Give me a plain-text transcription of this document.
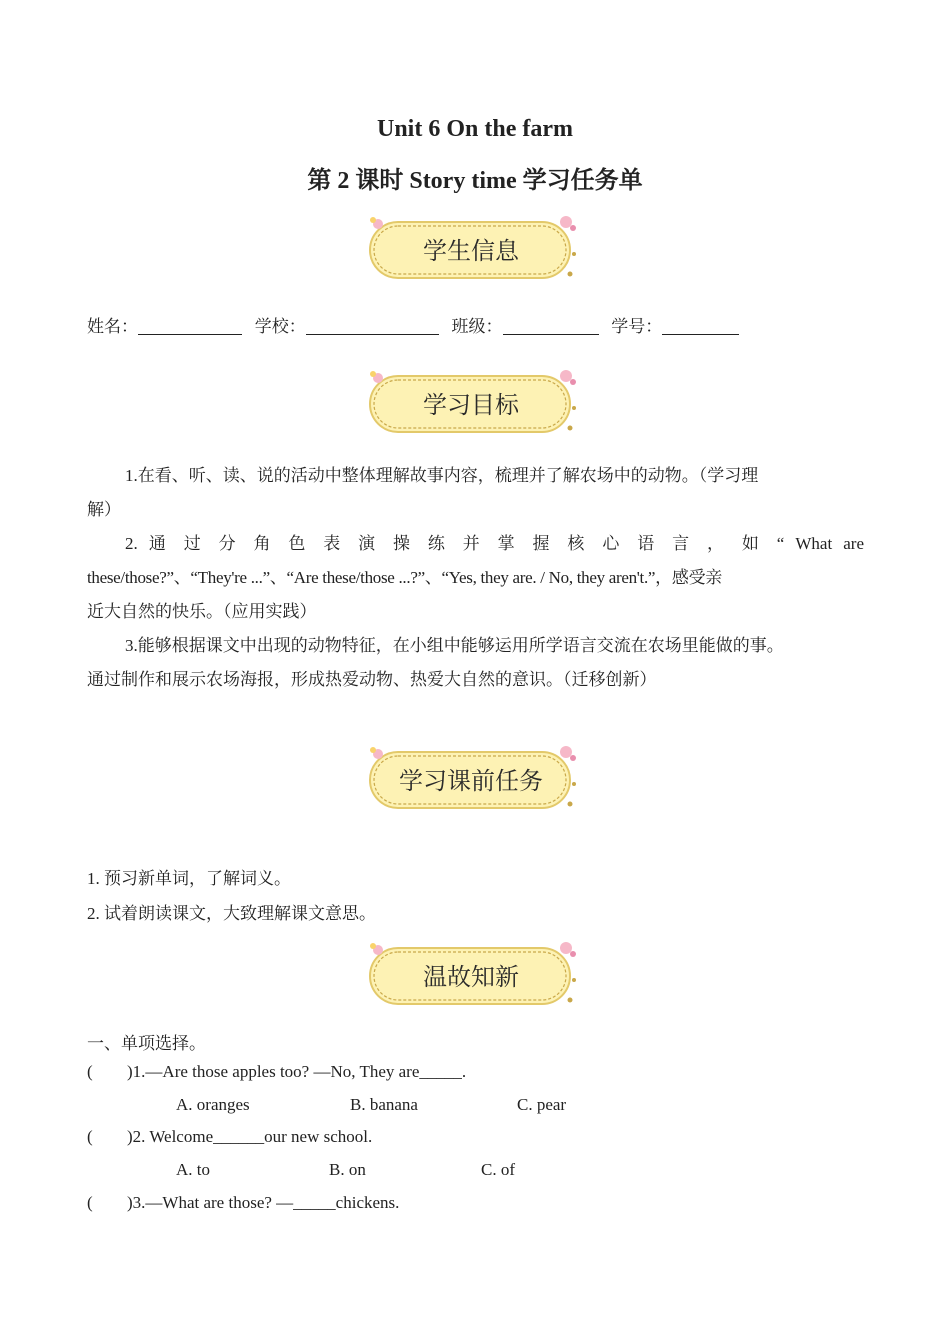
Unit 6 On the farm
第 2 课时 Story time 学习任务单
学生信息
姓名：	学校：	班级：	学号：
学习目标
1.在看、听、读、说的活动中整体理解故事内容，梳理并了解农场中的动物。（学习理
解）
2. 通 过 分 角 色 表 演 操 练 并 掌 握 核 心 语 言 ， 如 “ What are
these/those?”、“They're ...”、“Are these/those ...?”、“Yes, they are. / No, they aren't.”，感受亲
近大自然的快乐。（应用实践）
3.能够根据课文中出现的动物特征，在小组中能够运用所学语言交流在农场里能做的事。
通过制作和展示农场海报，形成热爱动物、热爱大自然的意识。（迁移创新）
学习课前任务
1. 预习新单词，了解词义。
2. 试着朗读课文，大致理解课文意思。
温故知新
一、单项选择。
( )1.—Are those apples too? —No, They are_____.
A. oranges	B. banana	C. pear
( )2. Welcome______our new school.
A. to	B. on	C. of
( )3.—What are those? —_____chickens.
